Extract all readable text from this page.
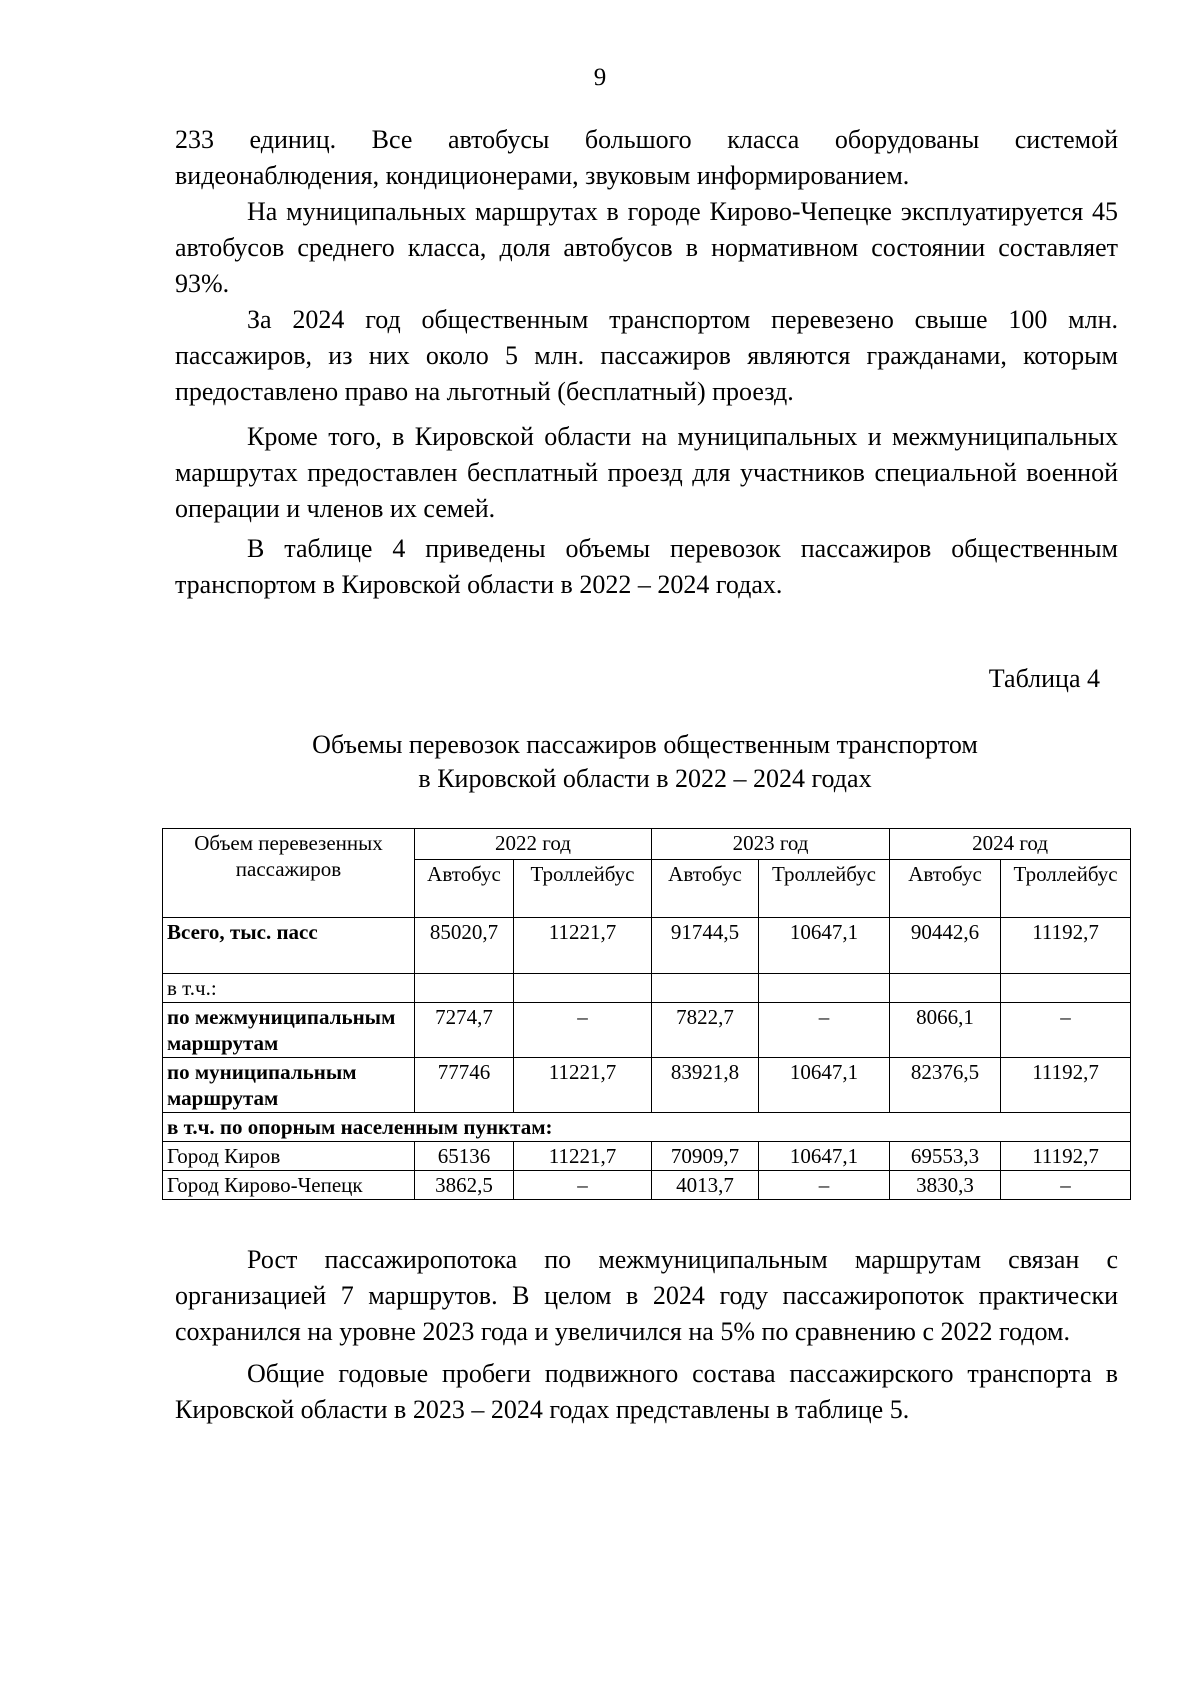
9

233 единиц. Все автобусы большого класса оборудованы системой видеонаблюдения, кондиционерами, звуковым информированием.

На муниципальных маршрутах в городе Кирово-Чепецке эксплуатируется 45 автобусов среднего класса, доля автобусов в нормативном состоянии составляет 93%.

За 2024 год общественным транспортом перевезено свыше 100 млн. пассажиров, из них около 5 млн. пассажиров являются гражданами, которым предоставлено право на льготный (бесплатный) проезд.

Кроме того, в Кировской области на муниципальных и межмуниципальных маршрутах предоставлен бесплатный проезд для участников специальной военной операции и членов их семей.

В таблице 4 приведены объемы перевозок пассажиров общественным транспортом в Кировской области в 2022 – 2024 годах.

Таблица 4
Объемы перевозок пассажиров общественным транспортом
в Кировской области в 2022 – 2024 годах
Объем перевезенных пассажиров	2022 год		2023 год		2024 год	
	Автобус	Троллейбус	Автобус	Троллейбус	Автобус	Троллейбус
Всего, тыс. пасс	85020,7	11221,7	91744,5	10647,1	90442,6	11192,7
в т.ч.:						
по межмуниципальным маршрутам	7274,7	–	7822,7	–	8066,1	–
по муниципальным маршрутам	77746	11221,7	83921,8	10647,1	82376,5	11192,7
в т.ч. по опорным населенным пунктам:						
Город Киров	65136	11221,7	70909,7	10647,1	69553,3	11192,7
Город Кирово-Чепецк	3862,5	–	4013,7	–	3830,3	–

Рост пассажиропотока по межмуниципальным маршрутам связан с организацией 7 маршрутов. В целом в 2024 году пассажиропоток практически сохранился на уровне 2023 года и увеличился на 5% по сравнению с 2022 годом.

Общие годовые пробеги подвижного состава пассажирского транспорта в Кировской области в 2023 – 2024 годах представлены в таблице 5.
